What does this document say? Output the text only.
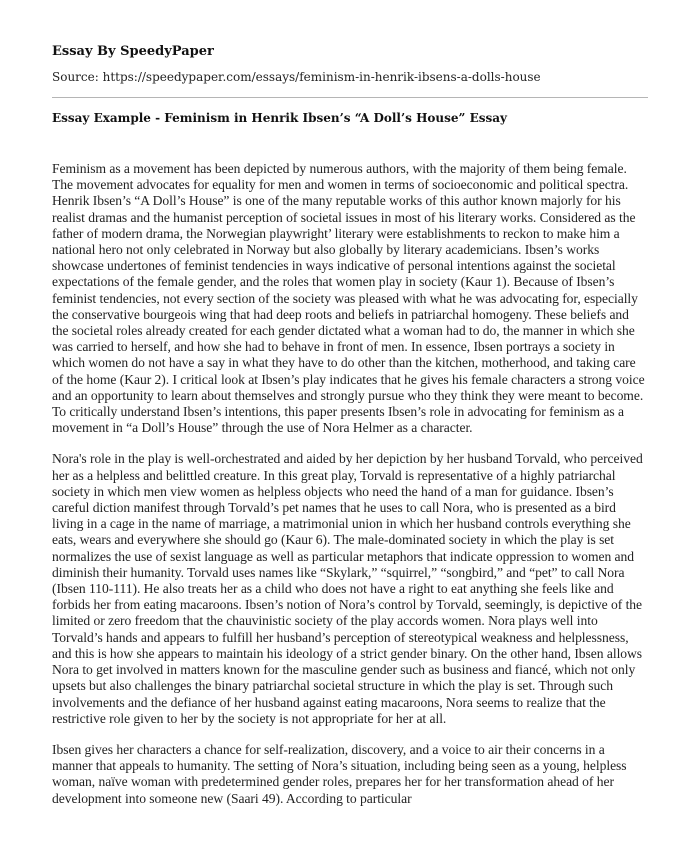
Essay By SpeedyPaper
Source: https://speedypaper.com/essays/feminism-in-henrik-ibsens-a-dolls-house
Essay Example - Feminism in Henrik Ibsen’s “A Doll’s House” Essay

Feminism as a movement has been depicted by numerous authors, with the majority of them being female. The movement advocates for equality for men and women in terms of socioeconomic and political spectra. Henrik Ibsen’s “A Doll’s House” is one of the many reputable works of this author known majorly for his realist dramas and the humanist perception of societal issues in most of his literary works. Considered as the father of modern drama, the Norwegian playwright’ literary were establishments to reckon to make him a national hero not only celebrated in Norway but also globally by literary academicians. Ibsen’s works showcase undertones of feminist tendencies in ways indicative of personal intentions against the societal expectations of the female gender, and the roles that women play in society (Kaur 1). Because of Ibsen’s feminist tendencies, not every section of the society was pleased with what he was advocating for, especially the conservative bourgeois wing that had deep roots and beliefs in patriarchal homogeny. These beliefs and the societal roles already created for each gender dictated what a woman had to do, the manner in which she was carried to herself, and how she had to behave in front of men. In essence, Ibsen portrays a society in which women do not have a say in what they have to do other than the kitchen, motherhood, and taking care of the home (Kaur 2). I critical look at Ibsen’s play indicates that he gives his female characters a strong voice and an opportunity to learn about themselves and strongly pursue who they think they were meant to become. To critically understand Ibsen’s intentions, this paper presents Ibsen’s role in advocating for feminism as a movement in “a Doll’s House” through the use of Nora Helmer as a character.

Nora's role in the play is well-orchestrated and aided by her depiction by her husband Torvald, who perceived her as a helpless and belittled creature. In this great play, Torvald is representative of a highly patriarchal society in which men view women as helpless objects who need the hand of a man for guidance. Ibsen’s careful diction manifest through Torvald’s pet names that he uses to call Nora, who is presented as a bird living in a cage in the name of marriage, a matrimonial union in which her husband controls everything she eats, wears and everywhere she should go (Kaur 6). The male-dominated society in which the play is set normalizes the use of sexist language as well as particular metaphors that indicate oppression to women and diminish their humanity. Torvald uses names like “Skylark,” “squirrel,” “songbird,” and “pet” to call Nora (Ibsen 110-111). He also treats her as a child who does not have a right to eat anything she feels like and forbids her from eating macaroons. Ibsen’s notion of Nora’s control by Torvald, seemingly, is depictive of the limited or zero freedom that the chauvinistic society of the play accords women. Nora plays well into Torvald’s hands and appears to fulfill her husband’s perception of stereotypical weakness and helplessness, and this is how she appears to maintain his ideology of a strict gender binary. On the other hand, Ibsen allows Nora to get involved in matters known for the masculine gender such as business and fiancé, which not only upsets but also challenges the binary patriarchal societal structure in which the play is set. Through such involvements and the defiance of her husband against eating macaroons, Nora seems to realize that the restrictive role given to her by the society is not appropriate for her at all.

Ibsen gives her characters a chance for self-realization, discovery, and a voice to air their concerns in a manner that appeals to humanity. The setting of Nora’s situation, including being seen as a young, helpless woman, naïve woman with predetermined gender roles, prepares her for her transformation ahead of her development into someone new (Saari 49). According to particular
